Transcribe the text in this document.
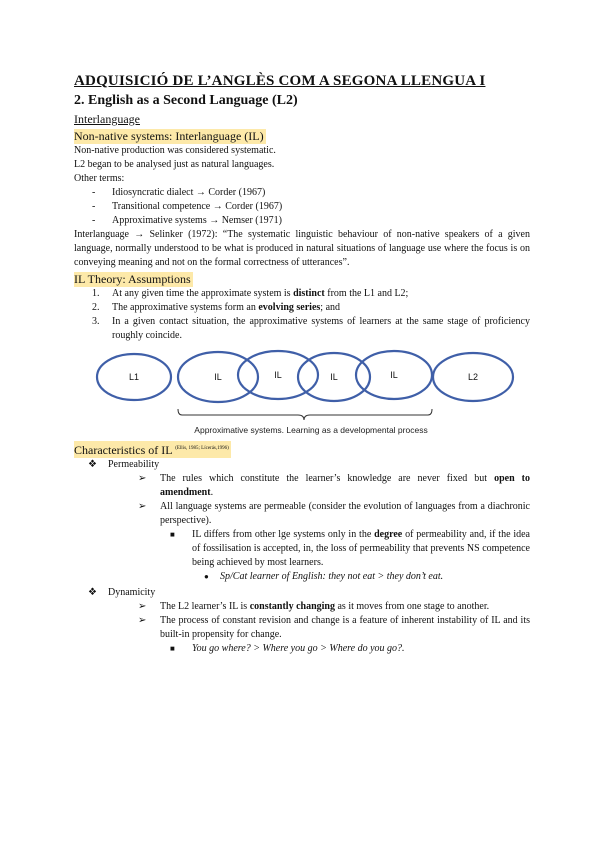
ADQUISICIÓ DE L’ANGLÈS COM A SEGONA LLENGUA I
2. English as a Second Language (L2)
Interlanguage
Non-native systems: Interlanguage (IL)

Non-native production was considered systematic.

L2 began to be analysed just as natural languages.

Other terms:

- Idiosyncratic dialect → Corder (1967)
- Transitional competence → Corder (1967)
- Approximative systems → Nemser (1971)

Interlanguage → Selinker (1972): “The systematic linguistic behaviour of non-native speakers of a given language, normally understood to be what is produced in natural situations of language use where the focus is on conveying meaning and not on the formal correctness of utterances”.

IL Theory: Assumptions
1. At any given time the approximate system is distinct from the L1 and L2;
2. The approximative systems form an evolving series; and
3. In a given contact situation, the approximative systems of learners at the same stage of proficiency roughly coincide.
L1	IL	IL	IL	IL	L2
Approximative systems. Learning as a developmental process
Characteristics of IL $^{(Ellis, 1985; Lícerás,1996)}$
❖ Permeability
➢ The rules which constitute the learner’s knowledge are never fixed but open to amendment.
➢ All language systems are permeable (consider the evolution of languages from a diachronic perspective).
■ IL differs from other lge systems only in the degree of permeability and, if the idea of fossilisation is accepted, in, the loss of permeability that prevents NS competence being achieved by most learners.
● Sp/Cat learner of English: they not eat > they don’t eat.
❖ Dynamicity
➢ The L2 learner’s IL is constantly changing as it moves from one stage to another.
➢ The process of constant revision and change is a feature of inherent instability of IL and its built-in propensity for change.
■ You go where? > Where you go > Where do you go?.
